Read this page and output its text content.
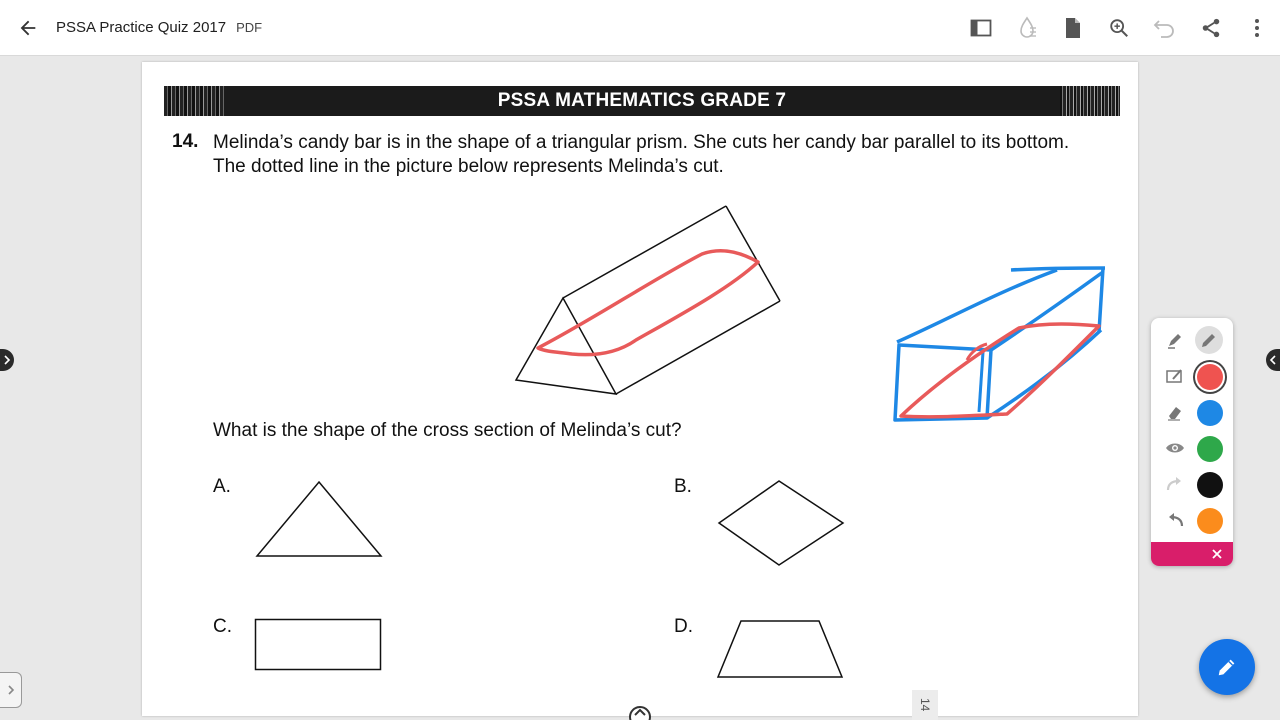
PSSA Practice Quiz 2017 PDF
PSSA MATHEMATICS GRADE 7
14. Melinda’s candy bar is in the shape of a triangular prism. She cuts her candy bar parallel to its bottom. The dotted line in the picture below represents Melinda’s cut.
What is the shape of the cross section of Melinda’s cut?
A.	B.
C.	D.
14
